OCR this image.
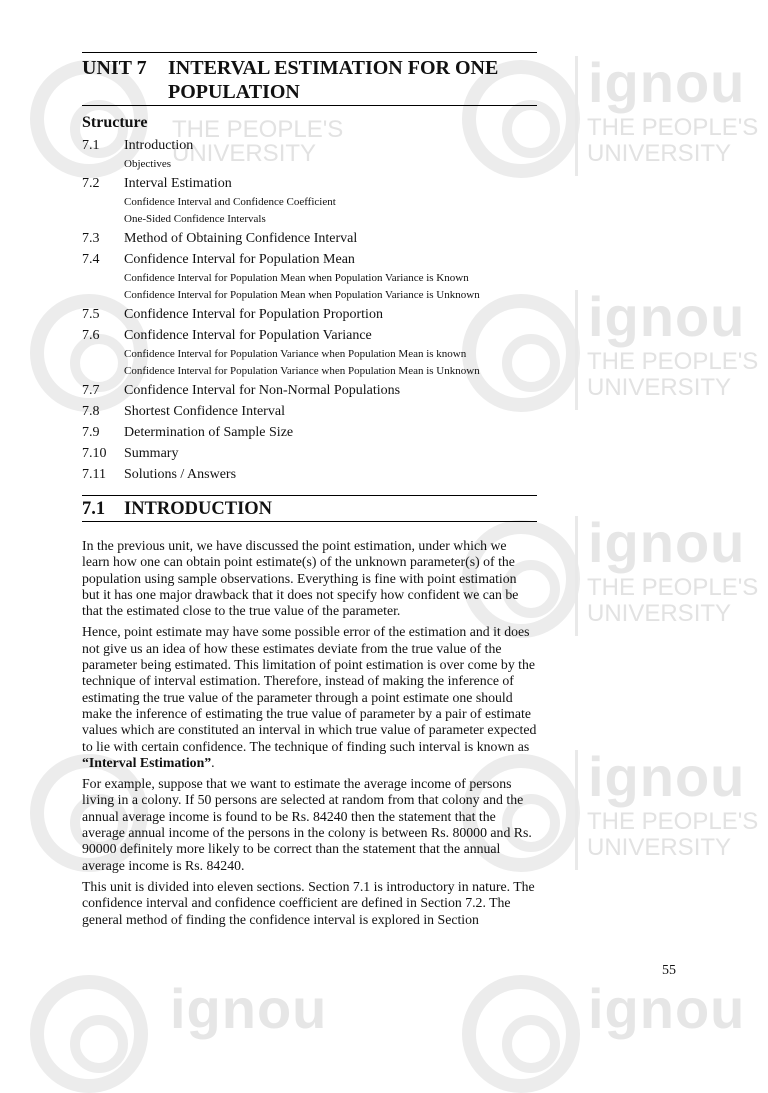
ignou
THE PEOPLE'S
UNIVERSITY
ignou
THE PEOPLE'S
UNIVERSITY
ignou
THE PEOPLE'S
UNIVERSITY
ignou
THE PEOPLE'S
UNIVERSITY
ignou
ignou
THE PEOPLE'S
UNIVERSITY
UNIT 7	INTERVAL ESTIMATION FOR ONE
POPULATION
Structure
7.1	Introduction
Objectives
7.2	Interval Estimation
Confidence Interval and Confidence Coefficient
One-Sided Confidence Intervals
7.3	Method of Obtaining Confidence Interval
7.4	Confidence Interval for Population Mean
Confidence Interval for Population Mean when Population Variance is Known
Confidence Interval for Population Mean when Population Variance is Unknown
7.5	Confidence Interval for Population Proportion
7.6	Confidence Interval for Population Variance
Confidence Interval for Population Variance when Population Mean is known
Confidence Interval for Population Variance when Population Mean is Unknown
7.7	Confidence Interval for Non-Normal Populations
7.8	Shortest Confidence Interval
7.9	Determination of Sample Size
7.10	Summary
7.11	Solutions / Answers
7.1	INTRODUCTION

In the previous unit, we have discussed the point estimation, under which we learn how one can obtain point estimate(s) of the unknown parameter(s) of the population using sample observations. Everything is fine with point estimation but it has one major drawback that it does not specify how confident we can be that the estimated close to the true value of the parameter.

Hence, point estimate may have some possible error of the estimation and it does not give us an idea of how these estimates deviate from the true value of the parameter being estimated. This limitation of point estimation is over come by the technique of interval estimation. Therefore, instead of making the inference of estimating the true value of the parameter through a point estimate one should make the inference of estimating the true value of parameter by a pair of estimate values which are constituted an interval in which true value of parameter expected to lie with certain confidence. The technique of finding such interval is known as “Interval Estimation”.

For example, suppose that we want to estimate the average income of persons living in a colony. If 50 persons are selected at random from that colony and the annual average income is found to be Rs. 84240 then the statement that the average annual income of the persons in the colony is between Rs. 80000 and Rs. 90000 definitely more likely to be correct than the statement that the annual average income is Rs. 84240.

This unit is divided into eleven sections. Section 7.1 is introductory in nature. The confidence interval and confidence coefficient are defined in Section 7.2. The general method of finding the confidence interval is explored in Section

55
